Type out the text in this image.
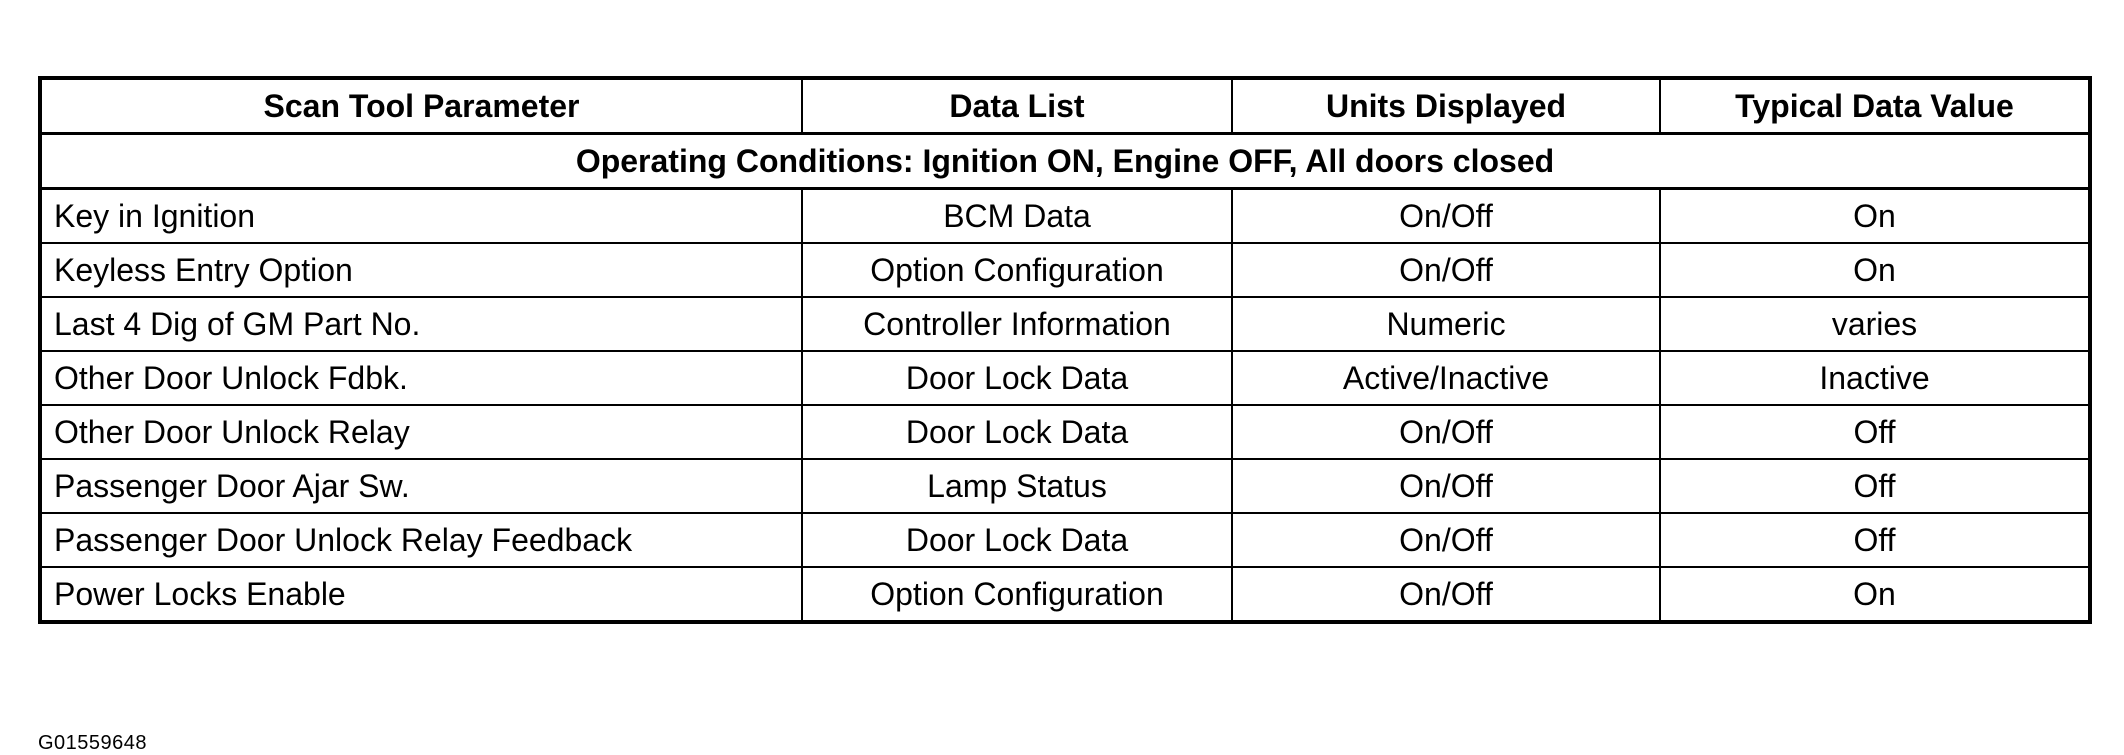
Scan Tool Parameter	Data List	Units Displayed	Typical Data Value
Operating Conditions: Ignition ON, Engine OFF, All doors closed			
Key in Ignition	BCM Data	On/Off	On
Keyless Entry Option	Option Configuration	On/Off	On
Last 4 Dig of GM Part No.	Controller Information	Numeric	varies
Other Door Unlock Fdbk.	Door Lock Data	Active/Inactive	Inactive
Other Door Unlock Relay	Door Lock Data	On/Off	Off
Passenger Door Ajar Sw.	Lamp Status	On/Off	Off
Passenger Door Unlock Relay Feedback	Door Lock Data	On/Off	Off
Power Locks Enable	Option Configuration	On/Off	On
G01559648
